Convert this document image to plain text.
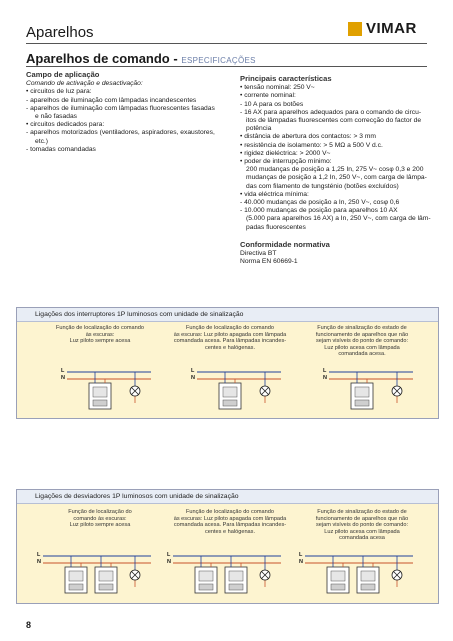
Aparelhos	VIMAR
Aparelhos de comando - ESPECIFICAÇÕES
Campo de aplicação
Comando de activação e desactivação:
• circuitos de luz para:
- aparelhos de iluminação com lâmpadas incandescentes
- aparelhos de iluminação com lâmpadas fluorescentes fasadas
e não fasadas
• circuitos dedicados para:
- aparelhos motorizados (ventiladores, aspiradores, exaustores,
etc.)
- tomadas comandadas
Principais características
• tensão nominal: 250 V~
• corrente nominal:
- 10 A para os botões
- 16 AX para aparelhos adequados para o comando de circu-
itos de lâmpadas fluorescentes com correcção do factor de
potência
• distância de abertura dos contactos: > 3 mm
• resistência de isolamento: > 5 MΩ a 500 V d.c.
• rigidez dieléctrica: > 2000 V~
• poder de interrupção mínimo:
200 mudanças de posição a 1,25 In, 275 V~ cosφ 0,3 e 200
mudanças de posição a 1,2 In, 250 V~, com carga de lâmpa-
das com filamento de tungsténio (botões excluídos)
• vida eléctrica mínima:
- 40.000 mudanças de posição a In, 250 V~, cosφ 0,6
- 10.000 mudanças de posição para aparelhos 10 AX
(5.000 para aparelhos 16 AX) a In, 250 V~, com carga de lâm-
padas fluorescentes
Conformidade normativa
Directiva BT
Norma EN 60669-1
Ligações dos interruptores 1P luminosos com unidade de sinalização
Função de localização do comando
às escuras:
Luz piloto sempre acesa
L
N
Função de localização do comando
às escuras: Luz piloto apagada com lâmpada
comandada acesa. Para lâmpadas incandes-
centes e halógenas.
L
N
Função de sinalização do estado de
funcionamento de aparelhos que não
sejam visíveis do ponto de comando:
Luz piloto acesa com lâmpada
comandada acesa.
L
N
Ligações de desviadores 1P luminosos com unidade de sinalização
Função de localização do
comando às escuras:
Luz piloto sempre acesa
L
N
Função de localização do comando
às escuras: Luz piloto apagada com lâmpada
comandada acesa. Para lâmpadas incandes-
centes e halógenas.
L
N
Função de sinalização do estado de
funcionamento de aparelhos que não
sejam visíveis do ponto de comando:
Luz piloto acesa com lâmpada
comandada acesa
L
N
8
